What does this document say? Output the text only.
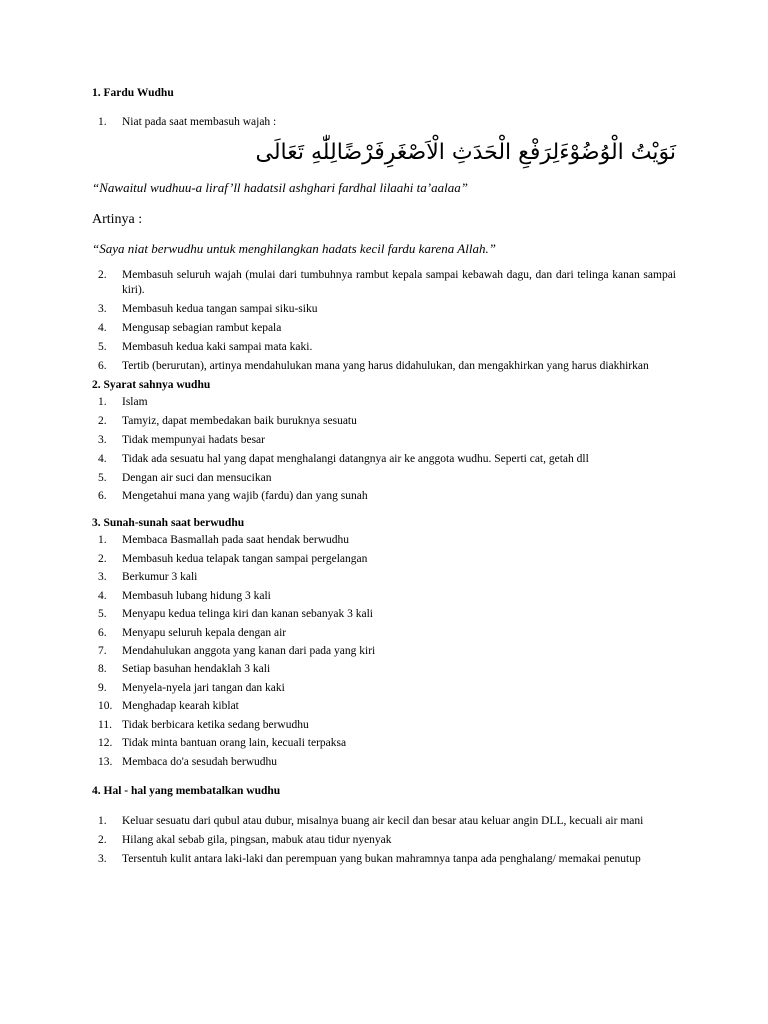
1. Fardu Wudhu
1. Niat pada saat membasuh wajah :
نَوَيْتُ الْوُضُوْءَلِرَفْعِ الْحَدَثِ الْاَصْغَرِفَرْضًالِلّٰهِ تَعَالَى

“Nawaitul wudhuu-a liraf’ll hadatsil ashghari fardhal lilaahi ta’aalaa”

Artinya :

“Saya niat berwudhu untuk menghilangkan hadats kecil fardu karena Allah.”

2. Membasuh seluruh wajah (mulai dari tumbuhnya rambut kepala sampai kebawah dagu, dan dari telinga kanan sampai kiri).
3. Membasuh kedua tangan sampai siku-siku
4. Mengusap sebagian rambut kepala
5. Membasuh kedua kaki sampai mata kaki.
6. Tertib (berurutan), artinya mendahulukan mana yang harus didahulukan, dan mengakhirkan yang harus diakhirkan
2. Syarat sahnya wudhu
1. Islam
2. Tamyiz, dapat membedakan baik buruknya sesuatu
3. Tidak mempunyai hadats besar
4. Tidak ada sesuatu hal yang dapat menghalangi datangnya air ke anggota wudhu. Seperti cat, getah dll
5. Dengan air suci dan mensucikan
6. Mengetahui mana yang wajib (fardu) dan yang sunah
3. Sunah-sunah saat berwudhu
1. Membaca Basmallah pada saat hendak berwudhu
2. Membasuh kedua telapak tangan sampai pergelangan
3. Berkumur 3 kali
4. Membasuh lubang hidung 3 kali
5. Menyapu kedua telinga kiri dan kanan sebanyak 3 kali
6. Menyapu seluruh kepala dengan air
7. Mendahulukan anggota yang kanan dari pada yang kiri
8. Setiap basuhan hendaklah 3 kali
9. Menyela-nyela jari tangan dan kaki
10. Menghadap kearah kiblat
11. Tidak berbicara ketika sedang berwudhu
12. Tidak minta bantuan orang lain, kecuali terpaksa
13. Membaca do'a sesudah berwudhu
4. Hal - hal yang membatalkan wudhu
1. Keluar sesuatu dari qubul atau dubur, misalnya buang air kecil dan besar atau keluar angin DLL, kecuali air mani
2. Hilang akal sebab gila, pingsan, mabuk atau tidur nyenyak
3. Tersentuh kulit antara laki-laki dan perempuan yang bukan mahramnya tanpa ada penghalang/ memakai penutup
